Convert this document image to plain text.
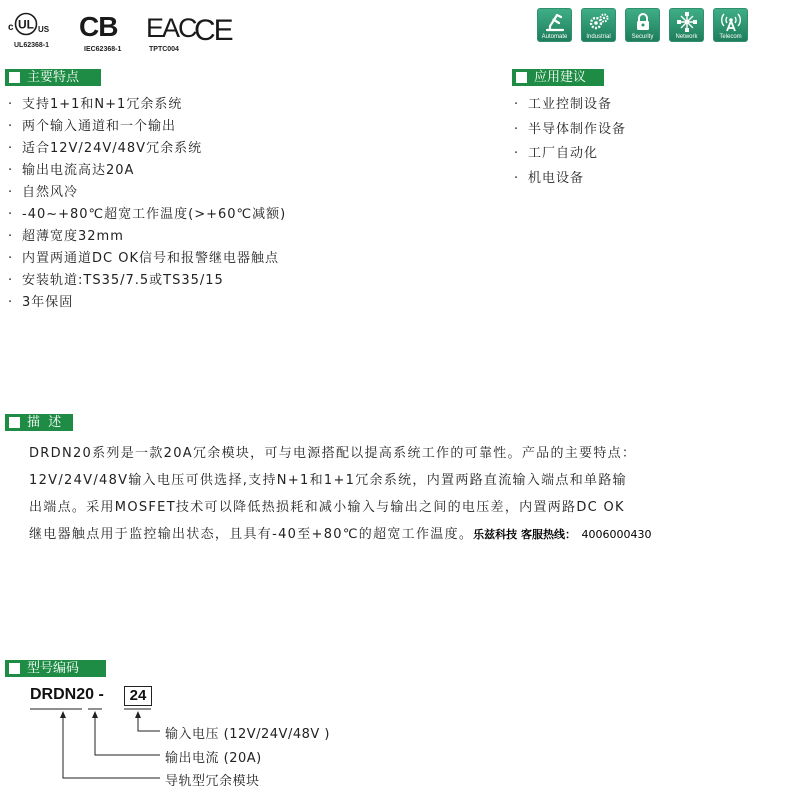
c UL US
UL62368-1
CB
IEC62368-1
EAC
TPTC004
CE	Automate	Industrial	Security	Network	Telecom
主要特点
· 支持1+1和N+1冗余系统
· 两个输入通道和一个输出
· 适合12V/24V/48V冗余系统
· 输出电流高达20A
· 自然风冷
· -40~+80℃超宽工作温度(>+60℃减额)
· 超薄宽度32mm
· 内置两通道DC OK信号和报警继电器触点
· 安装轨道:TS35/7.5或TS35/15
· 3年保固
应用建议
· 工业控制设备
· 半导体制作设备
· 工厂自动化
· 机电设备
描  述

DRDN20系列是一款20A冗余模块，可与电源搭配以提高系统工作的可靠性。产品的主要特点：

12V/24V/48V输入电压可供选择,支持N+1和1+1冗余系统，内置两路直流输入端点和单路输

出端点。采用MOSFET技术可以降低热损耗和减小输入与输出之间的电压差，内置两路DC OK

继电器触点用于监控输出状态，且具有-40至+80℃的超宽工作温度。乐兹科技 客服热线： 4006000430

型号编码
DRDN20 -	24
输入电压 (12V/24V/48V )
输出电流 (20A)
导轨型冗余模块
